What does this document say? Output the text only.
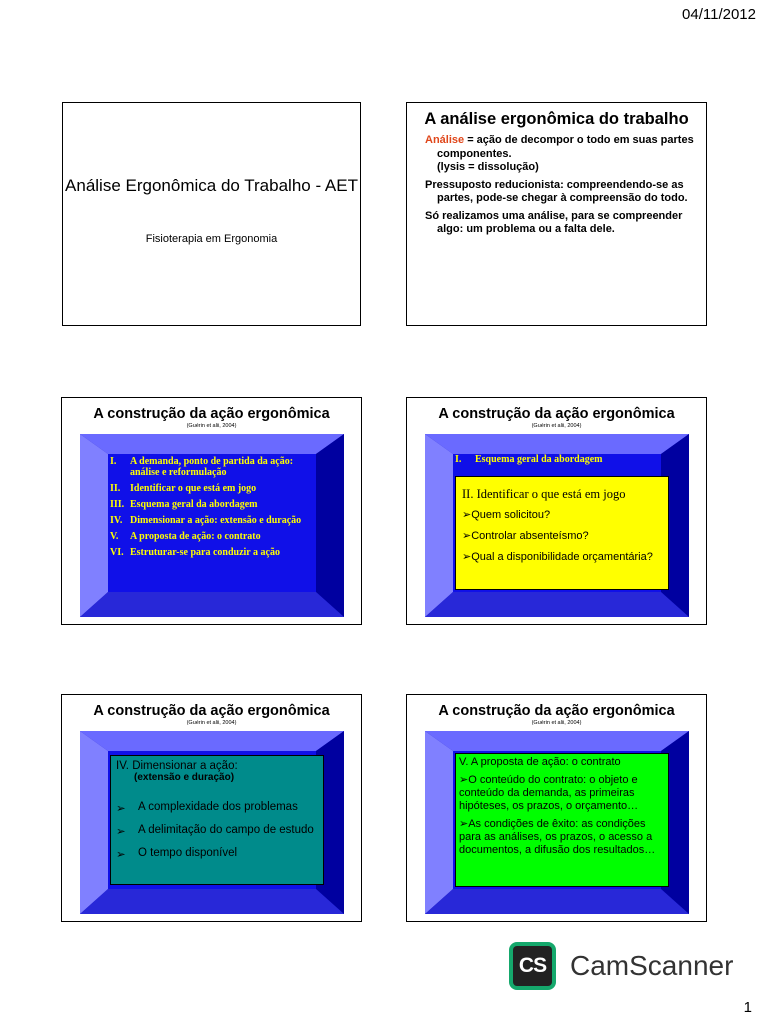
04/11/2012
Análise Ergonômica do Trabalho - AET
Fisioterapia em Ergonomia
A análise ergonômica do trabalho
Análise = ação de decompor o todo em suas partes componentes.
(lysis = dissolução)
Pressuposto reducionista: compreendendo-se as partes, pode-se chegar à compreensão do todo.
Só realizamos uma análise, para se compreender algo: um problema ou a falta dele.
A construção da ação ergonômica
(Guérin et alii, 2004)
I.	A demanda, ponto de partida da ação: análise e reformulação
II. Identificar o que está em jogo
III. Esquema geral da abordagem
IV. Dimensionar a ação: extensão e duração
V.	A proposta de ação: o contrato
VI. Estruturar-se para conduzir a ação
A construção da ação ergonômica
(Guérin et alii, 2004)
I. Esquema geral da abordagem
II. Identificar o que está em jogo
➢Quem solicitou?
➢Controlar absenteísmo?
➢Qual a disponibilidade orçamentária?
A construção da ação ergonômica
(Guérin et alii, 2004)
IV. Dimensionar a ação:
(extensão e duração)
➢	A complexidade dos problemas
➢	A delimitação do campo de estudo
➢	O tempo disponível
A construção da ação ergonômica
(Guérin et alii, 2004)
V. A proposta de ação: o contrato
➢O conteúdo do contrato: o objeto e conteúdo da demanda, as primeiras hipóteses, os prazos, o orçamento…
➢As condições de êxito: as condições para as análises, os prazos, o acesso a documentos, a difusão dos resultados…
CS CamScanner
1
